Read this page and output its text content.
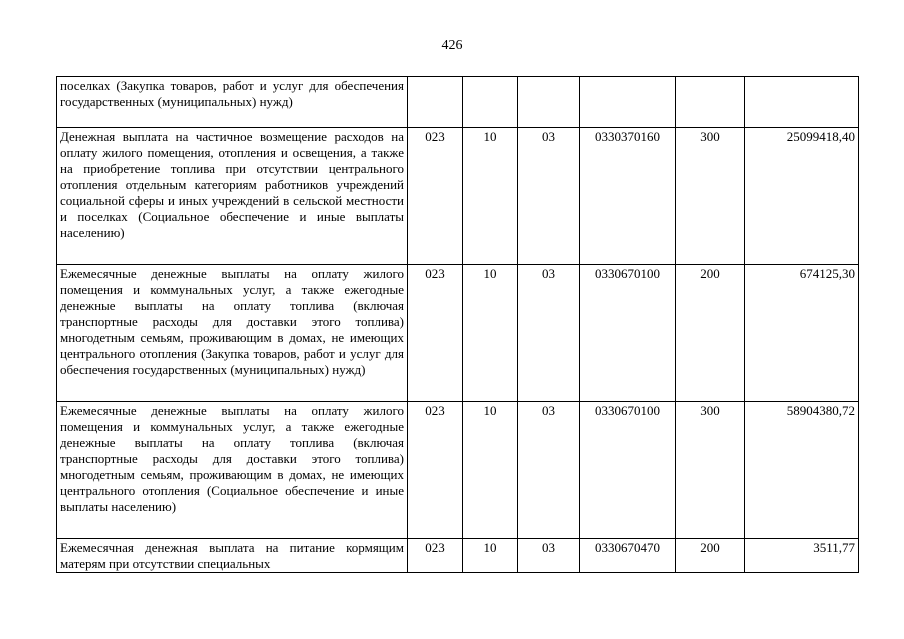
426
поселках (Закупка товаров, работ и услуг для обеспечения государственных (муниципальных) нужд)						
Денежная выплата на частичное возмещение расходов на оплату жилого помещения, отопления и освещения, а также на приобретение топлива при отсутствии центрального отопления отдельным категориям работников учреждений социальной сферы и иных учреждений в сельской местности и поселках (Социальное обеспечение и иные выплаты населению)	023	10	03	0330370160	300	25099418,40
Ежемесячные денежные выплаты на оплату жилого помещения и коммунальных услуг, а также ежегодные денежные выплаты на оплату топлива (включая транспортные расходы для доставки этого топлива) многодетным семьям, проживающим в домах, не имеющих центрального отопления (Закупка товаров, работ и услуг для обеспечения государственных (муниципальных) нужд)	023	10	03	0330670100	200	674125,30
Ежемесячные денежные выплаты на оплату жилого помещения и коммунальных услуг, а также ежегодные денежные выплаты на оплату топлива (включая транспортные расходы для доставки этого топлива) многодетным семьям, проживающим в домах, не имеющих центрального отопления (Социальное обеспечение и иные выплаты населению)	023	10	03	0330670100	300	58904380,72
Ежемесячная денежная выплата на питание кормящим матерям при отсутствии специальных	023	10	03	0330670470	200	3511,77
